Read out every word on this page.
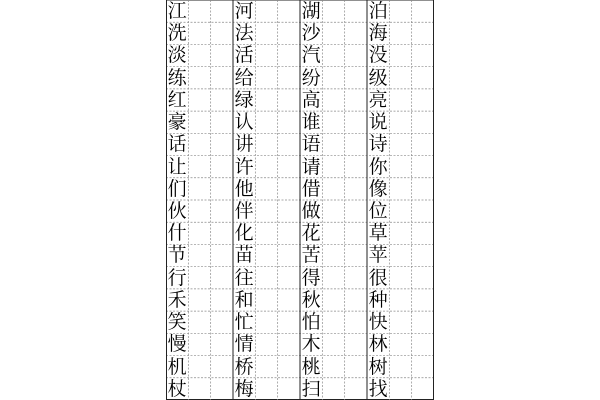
江
洗
淡
练
红
豪
话
让
们
伙
什
节
行
禾
笑
慢
机
杖
河
法
活
给
绿
认
讲
许
他
伴
化
苗
往
和
忙
情
桥
梅
湖
沙
汽
纷
高
谁
语
请
借
做
花
苦
得
秋
怕
木
桃
扫
泊
海
没
级
亮
说
诗
你
像
位
草
苹
很
种
快
林
树
找
